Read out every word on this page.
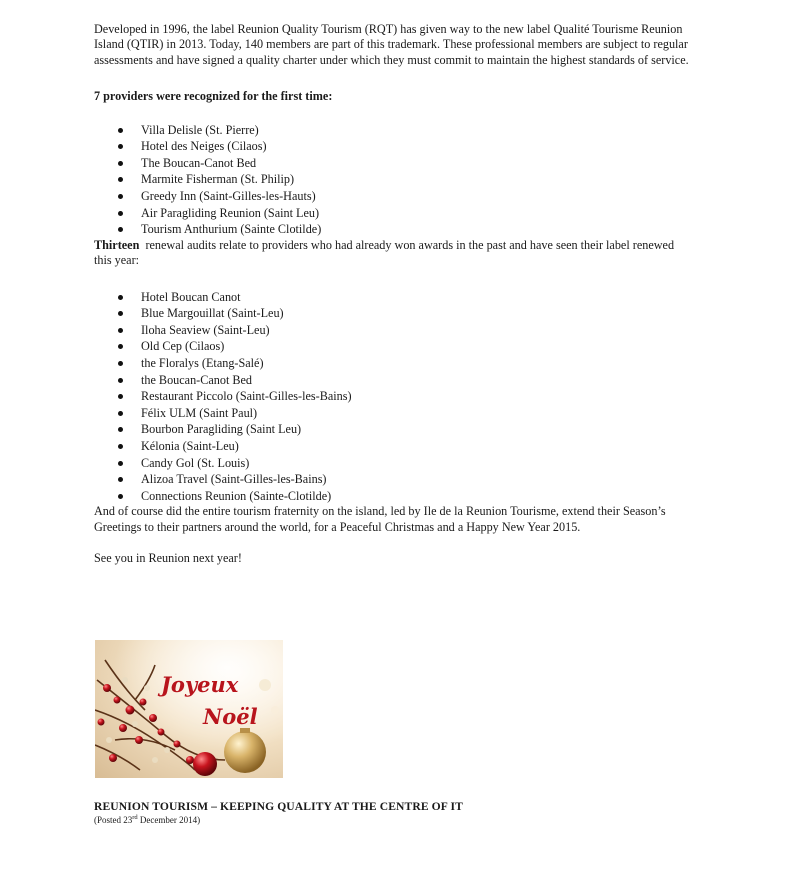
Developed in 1996, the label Reunion Quality Tourism (RQT) has given way to the new label Qualité Tourisme Reunion Island (QTIR) in 2013. Today, 140 members are part of this trademark. These professional members are subject to regular assessments and have signed a quality charter under which they must commit to maintain the highest standards of service.

7 providers were recognized for the first time:

Villa Delisle (St. Pierre)
Hotel des Neiges (Cilaos)
The Boucan-Canot Bed
Marmite Fisherman (St. Philip)
Greedy Inn (Saint-Gilles-les-Hauts)
Air Paragliding Reunion (Saint Leu)
Tourism Anthurium (Sainte Clotilde)

Thirteen renewal audits relate to providers who had already won awards in the past and have seen their label renewed this year:

Hotel Boucan Canot
Blue Margouillat (Saint-Leu)
Iloha Seaview (Saint-Leu)
Old Cep (Cilaos)
the Floralys (Etang-Salé)
the Boucan-Canot Bed
Restaurant Piccolo (Saint-Gilles-les-Bains)
Félix ULM (Saint Paul)
Bourbon Paragliding (Saint Leu)
Kélonia (Saint-Leu)
Candy Gol (St. Louis)
Alizoa Travel (Saint-Gilles-les-Bains)
Connections Reunion (Sainte-Clotilde)

And of course did the entire tourism fraternity on the island, led by Ile de la Reunion Tourisme, extend their Season’s Greetings to their partners around the world, for a Peaceful Christmas and a Happy New Year 2015.

See you in Reunion next year!

Joyeux
Noël
REUNION TOURISM – KEEPING QUALITY AT THE CENTRE OF IT
(Posted 23rd December 2014)
